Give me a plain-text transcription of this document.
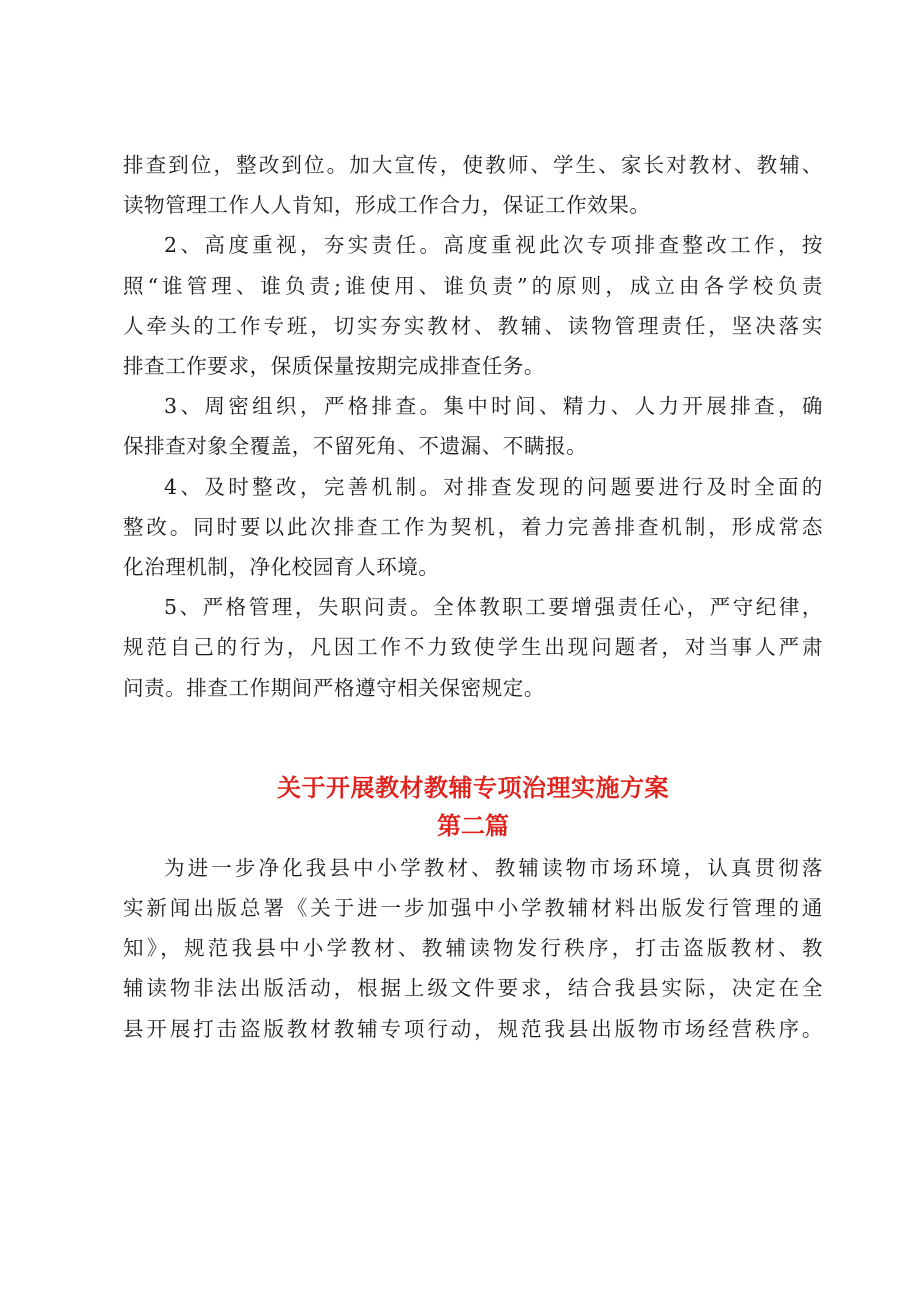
排查到位，整改到位。加大宣传，使教师、学生、家长对教材、教辅、

读物管理工作人人肯知，形成工作合力，保证工作效果。

2、高度重视，夯实责任。高度重视此次专项排查整改工作，按

照“谁管理、谁负责;谁使用、谁负责”的原则，成立由各学校负责

人牵头的工作专班，切实夯实教材、教辅、读物管理责任，坚决落实

排查工作要求，保质保量按期完成排查任务。

3、周密组织，严格排查。集中时间、精力、人力开展排查，确

保排查对象全覆盖，不留死角、不遗漏、不瞒报。

4、及时整改，完善机制。对排查发现的问题要进行及时全面的

整改。同时要以此次排查工作为契机，着力完善排查机制，形成常态

化治理机制，净化校园育人环境。

5、严格管理，失职问责。全体教职工要增强责任心，严守纪律，

规范自己的行为，凡因工作不力致使学生出现问题者，对当事人严肃

问责。排查工作期间严格遵守相关保密规定。

关于开展教材教辅专项治理实施方案
第二篇

为进一步净化我县中小学教材、教辅读物市场环境，认真贯彻落

实新闻出版总署《关于进一步加强中小学教辅材料出版发行管理的通

知》，规范我县中小学教材、教辅读物发行秩序，打击盗版教材、教

辅读物非法出版活动，根据上级文件要求，结合我县实际，决定在全

县开展打击盗版教材教辅专项行动，规范我县出版物市场经营秩序。
